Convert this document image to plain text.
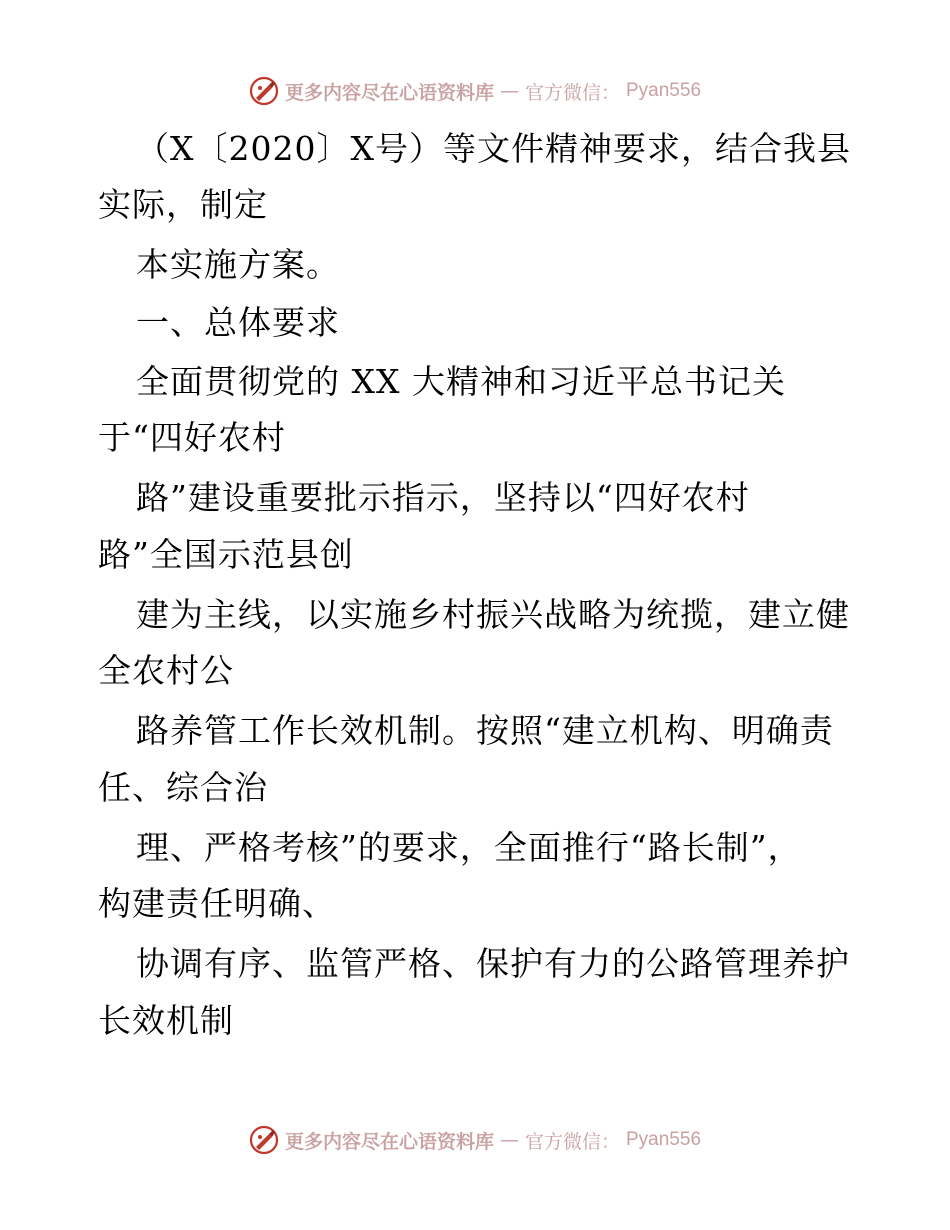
更多内容尽在心语资料库 — 官方微信： Pyan556
（X〔2020〕X号）等文件精神要求，结合我县
实际，制定
本实施方案。
一、总体要求
全面贯彻党的 XX 大精神和习近平总书记关
于“四好农村
路”建设重要批示指示，坚持以“四好农村
路”全国示范县创
建为主线，以实施乡村振兴战略为统揽，建立健
全农村公
路养管工作长效机制。按照“建立机构、明确责
任、综合治
理、严格考核”的要求，全面推行“路长制”，
构建责任明确、
协调有序、监管严格、保护有力的公路管理养护
长效机制
更多内容尽在心语资料库 — 官方微信： Pyan556
